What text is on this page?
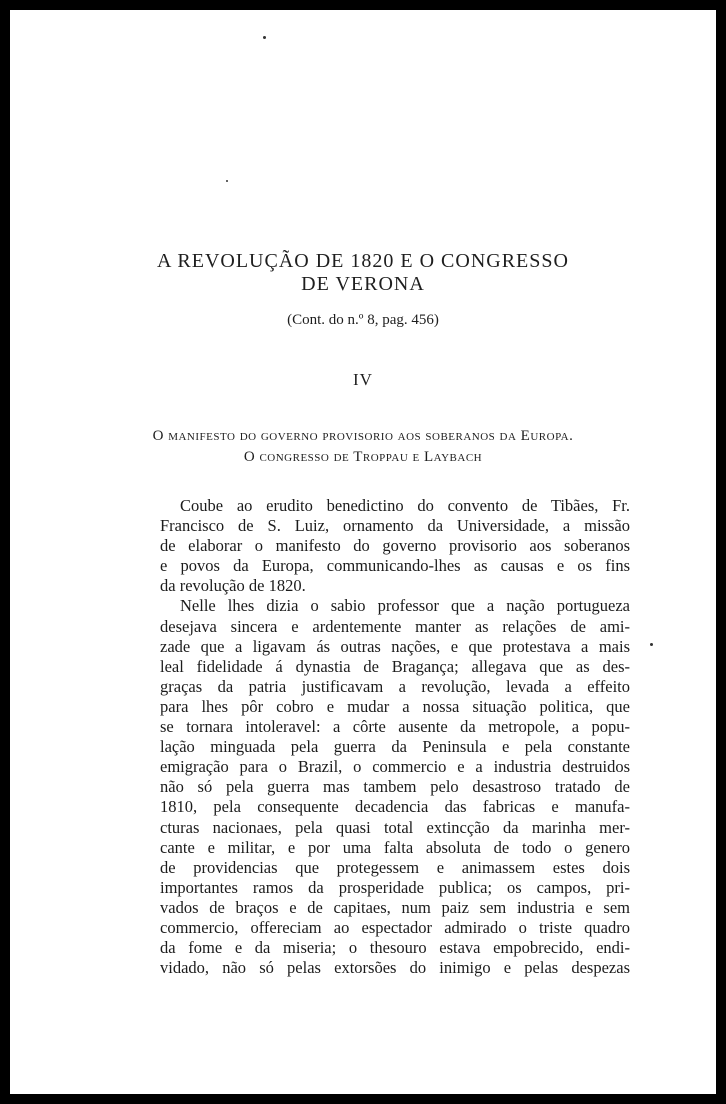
A REVOLUÇÃO DE 1820 E O CONGRESSO
DE VERONA
(Cont. do n.º 8, pag. 456)
IV
O manifesto do governo provisorio aos soberanos da Europa.
O congresso de Troppau e Laybach
Coube ao erudito benedictino do convento de Tibães, Fr.
Francisco de S. Luiz, ornamento da Universidade, a missão
de elaborar o manifesto do governo provisorio aos soberanos
e povos da Europa, communicando-lhes as causas e os fins
da revolução de 1820.
Nelle lhes dizia o sabio professor que a nação portugueza
desejava sincera e ardentemente manter as relações de ami-
zade que a ligavam ás outras nações, e que protestava a mais
leal fidelidade á dynastia de Bragança; allegava que as des-
graças da patria justificavam a revolução, levada a effeito
para lhes pôr cobro e mudar a nossa situação politica, que
se tornara intoleravel: a côrte ausente da metropole, a popu-
lação minguada pela guerra da Peninsula e pela constante
emigração para o Brazil, o commercio e a industria destruidos
não só pela guerra mas tambem pelo desastroso tratado de
1810, pela consequente decadencia das fabricas e manufa-
cturas nacionaes, pela quasi total extincção da marinha mer-
cante e militar, e por uma falta absoluta de todo o genero
de providencias que protegessem e animassem estes dois
importantes ramos da prosperidade publica; os campos, pri-
vados de braços e de capitaes, num paiz sem industria e sem
commercio, offereciam ao espectador admirado o triste quadro
da fome e da miseria; o thesouro estava empobrecido, endi-
vidado, não só pelas extorsões do inimigo e pelas despezas
